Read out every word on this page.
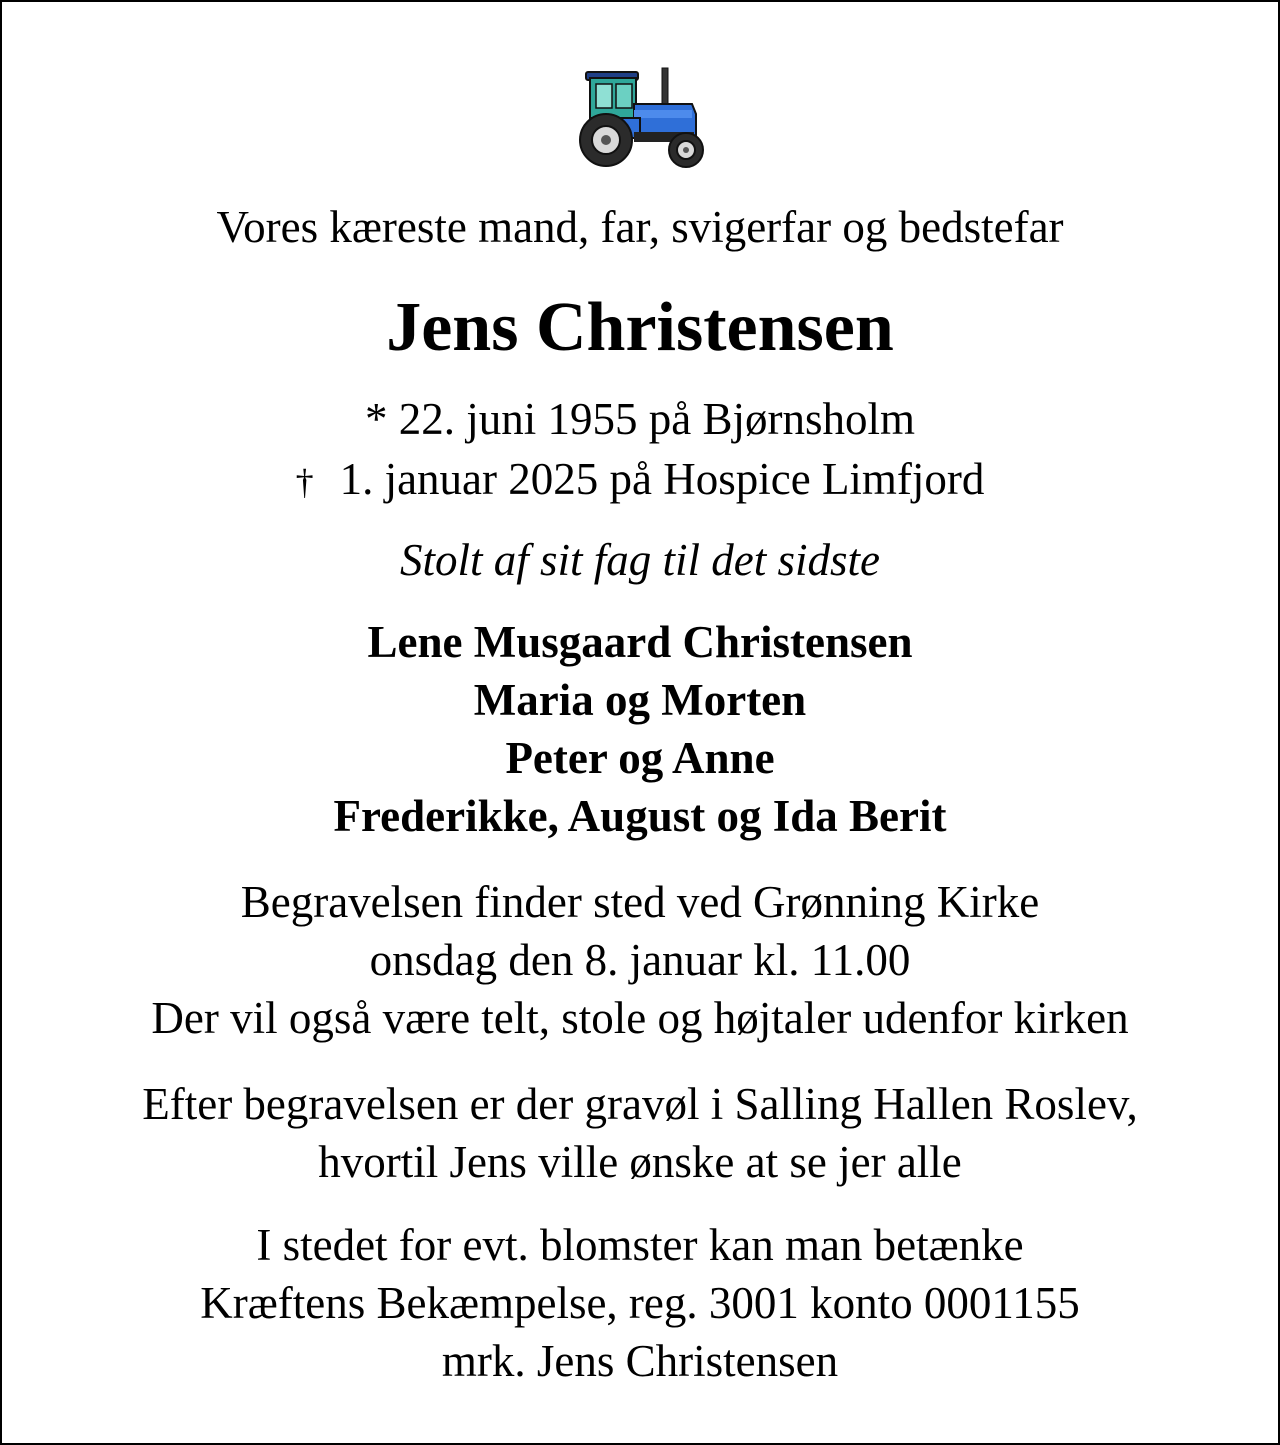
Vores kæreste mand, far, svigerfar og bedstefar
Jens Christensen
* 22. juni 1955 på Bjørnsholm
† 1. januar 2025 på Hospice Limfjord
Stolt af sit fag til det sidste
Lene Musgaard Christensen
Maria og Morten
Peter og Anne
Frederikke, August og Ida Berit
Begravelsen finder sted ved Grønning Kirke
onsdag den 8. januar kl. 11.00
Der vil også være telt, stole og højtaler udenfor kirken
Efter begravelsen er der gravøl i Salling Hallen Roslev,
hvortil Jens ville ønske at se jer alle
I stedet for evt. blomster kan man betænke
Kræftens Bekæmpelse, reg. 3001 konto 0001155
mrk. Jens Christensen
